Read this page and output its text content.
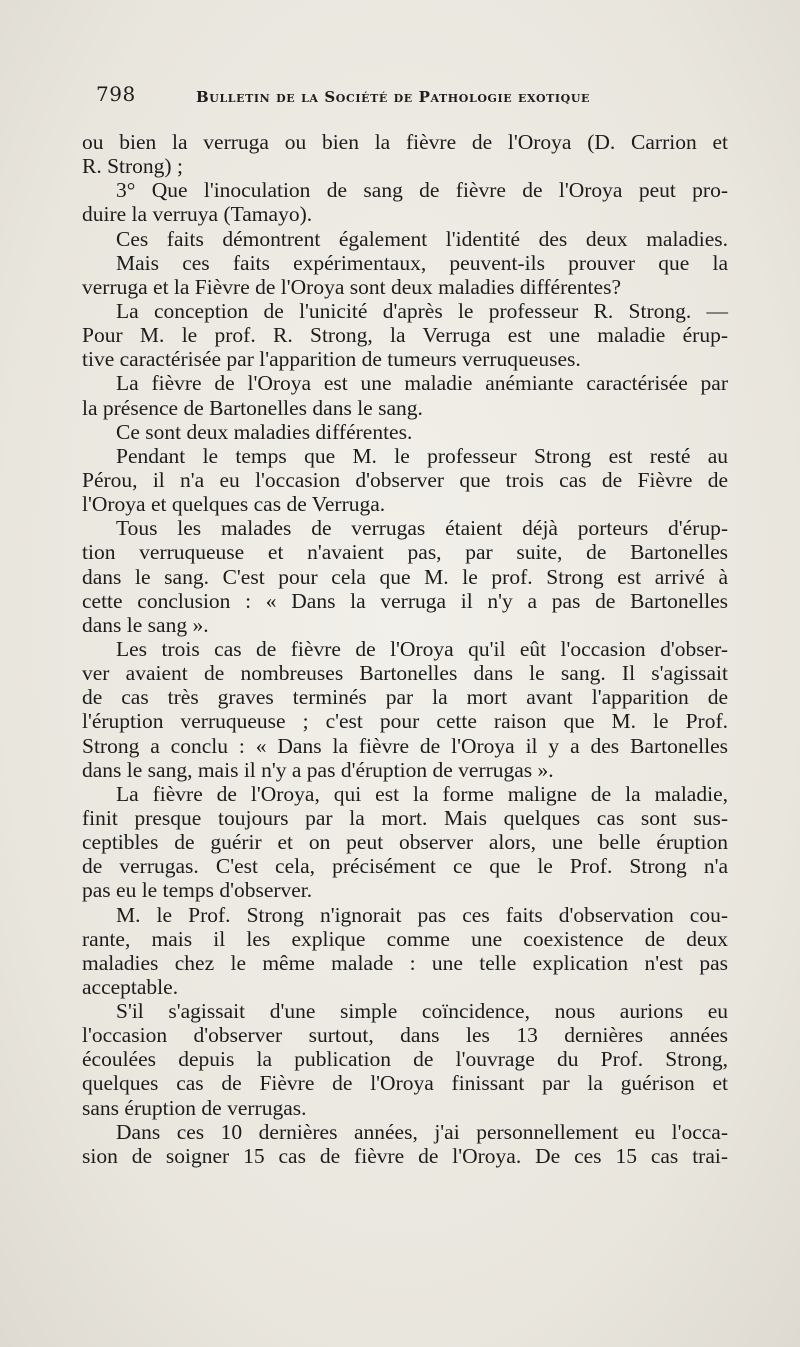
798	Bulletin de la Société de Pathologie exotique
ou bien la verruga ou bien la fièvre de l'Oroya (D. Carrion et
R. Strong) ;
3° Que l'inoculation de sang de fièvre de l'Oroya peut pro-
duire la verruya (Tamayo).
Ces faits démontrent également l'identité des deux maladies.
Mais ces faits expérimentaux, peuvent-ils prouver que la
verruga et la Fièvre de l'Oroya sont deux maladies différentes?
La conception de l'unicité d'après le professeur R. Strong. —
Pour M. le prof. R. Strong, la Verruga est une maladie érup-
tive caractérisée par l'apparition de tumeurs verruqueuses.
La fièvre de l'Oroya est une maladie anémiante caractérisée par
la présence de Bartonelles dans le sang.
Ce sont deux maladies différentes.
Pendant le temps que M. le professeur Strong est resté au
Pérou, il n'a eu l'occasion d'observer que trois cas de Fièvre de
l'Oroya et quelques cas de Verruga.
Tous les malades de verrugas étaient déjà porteurs d'érup-
tion verruqueuse et n'avaient pas, par suite, de Bartonelles
dans le sang. C'est pour cela que M. le prof. Strong est arrivé à
cette conclusion : « Dans la verruga il n'y a pas de Bartonelles
dans le sang ».
Les trois cas de fièvre de l'Oroya qu'il eût l'occasion d'obser-
ver avaient de nombreuses Bartonelles dans le sang. Il s'agissait
de cas très graves terminés par la mort avant l'apparition de
l'éruption verruqueuse ; c'est pour cette raison que M. le Prof.
Strong a conclu : « Dans la fièvre de l'Oroya il y a des Bartonelles
dans le sang, mais il n'y a pas d'éruption de verrugas ».
La fièvre de l'Oroya, qui est la forme maligne de la maladie,
finit presque toujours par la mort. Mais quelques cas sont sus-
ceptibles de guérir et on peut observer alors, une belle éruption
de verrugas. C'est cela, précisément ce que le Prof. Strong n'a
pas eu le temps d'observer.
M. le Prof. Strong n'ignorait pas ces faits d'observation cou-
rante, mais il les explique comme une coexistence de deux
maladies chez le même malade : une telle explication n'est pas
acceptable.
S'il s'agissait d'une simple coïncidence, nous aurions eu
l'occasion d'observer surtout, dans les 13 dernières années
écoulées depuis la publication de l'ouvrage du Prof. Strong,
quelques cas de Fièvre de l'Oroya finissant par la guérison et
sans éruption de verrugas.
Dans ces 10 dernières années, j'ai personnellement eu l'occa-
sion de soigner 15 cas de fièvre de l'Oroya. De ces 15 cas trai-
